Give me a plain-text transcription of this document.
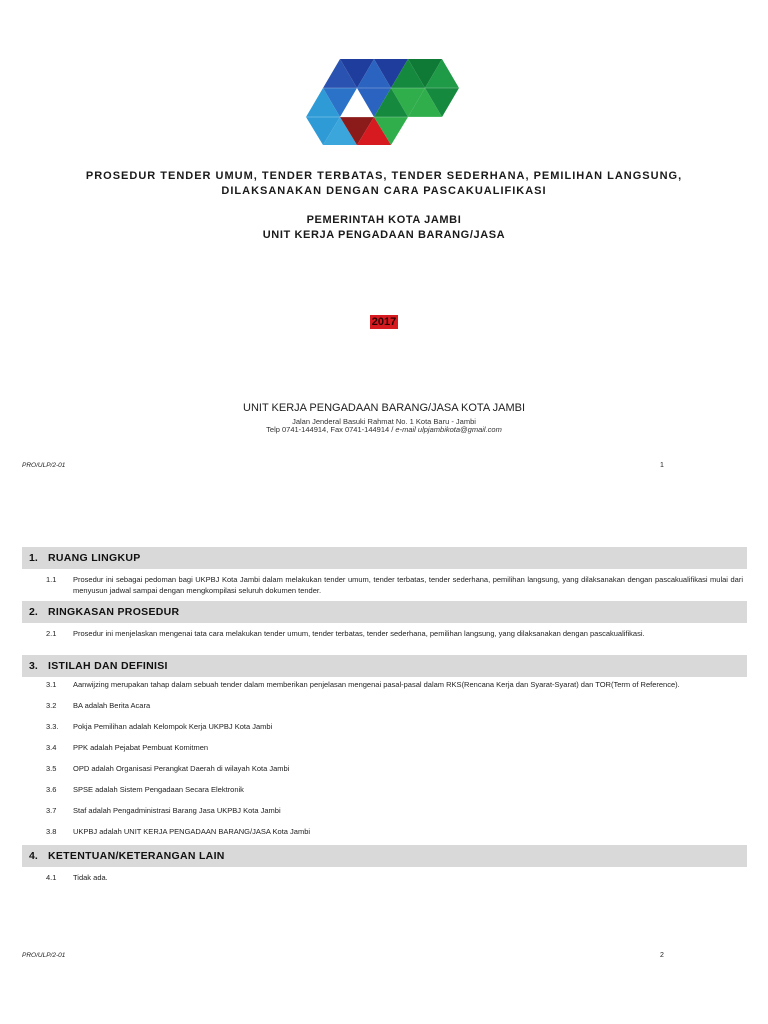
PROSEDUR TENDER UMUM, TENDER TERBATAS, TENDER SEDERHANA, PEMILIHAN LANGSUNG,
DILAKSANAKAN DENGAN CARA PASCAKUALIFIKASI
PEMERINTAH KOTA JAMBI
UNIT KERJA PENGADAAN BARANG/JASA
2017
UNIT KERJA PENGADAAN BARANG/JASA KOTA JAMBI
Jalan Jenderal Basuki Rahmat No. 1 Kota Baru - Jambi
Telp 0741-144914, Fax 0741-144914 / e-mail ulpjambikota@gmail.com
PRO/ULP/2-01	1
1. RUANG LINGKUP
1.1 Prosedur ini sebagai pedoman bagi UKPBJ Kota Jambi dalam melakukan tender umum, tender terbatas, tender sederhana, pemilihan langsung, yang dilaksanakan dengan pascakualifikasi mulai dari menyusun jadwal sampai dengan mengkompilasi seluruh dokumen tender.
2. RINGKASAN PROSEDUR
2.1 Prosedur ini menjelaskan mengenai tata cara melakukan tender umum, tender terbatas, tender sederhana, pemilihan langsung, yang dilaksanakan dengan pascakualifikasi.
3. ISTILAH DAN DEFINISI
3.1 Aanwijzing merupakan tahap dalam sebuah tender dalam memberikan penjelasan mengenai pasal-pasal dalam RKS(Rencana Kerja dan Syarat-Syarat) dan TOR(Term of Reference).
3.2 BA adalah Berita Acara
3.3. Pokja Pemilihan adalah Kelompok Kerja UKPBJ Kota Jambi
3.4 PPK adalah Pejabat Pembuat Komitmen
3.5 OPD adalah Organisasi Perangkat Daerah di wilayah Kota Jambi
3.6 SPSE adalah Sistem Pengadaan Secara Elektronik
3.7 Staf adalah Pengadministrasi Barang Jasa UKPBJ Kota Jambi
3.8 UKPBJ adalah UNIT KERJA PENGADAAN BARANG/JASA Kota Jambi
4. KETENTUAN/KETERANGAN LAIN
4.1 Tidak ada.
PRO/ULP/2-01	2
